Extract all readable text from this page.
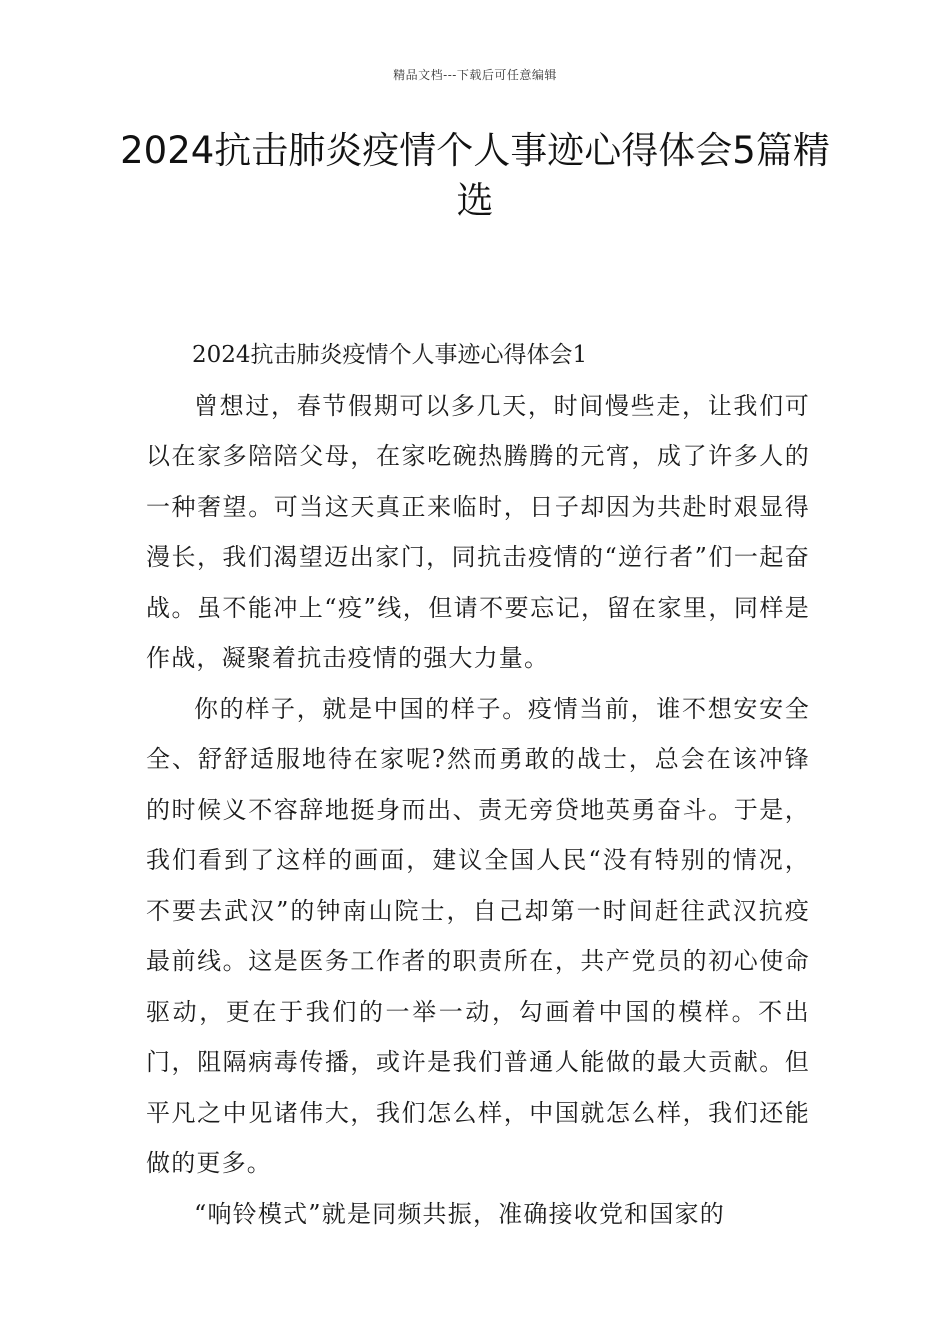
精品文档---下载后可任意编辑
2024抗击肺炎疫情个人事迹心得体会5篇精选

2024抗击肺炎疫情个人事迹心得体会1

曾想过，春节假期可以多几天，时间慢些走，让我们可以在家多陪陪父母，在家吃碗热腾腾的元宵，成了许多人的一种奢望。可当这天真正来临时，日子却因为共赴时艰显得漫长，我们渴望迈出家门，同抗击疫情的“逆行者”们一起奋战。虽不能冲上“疫”线，但请不要忘记，留在家里，同样是作战，凝聚着抗击疫情的强大力量。

你的样子，就是中国的样子。疫情当前，谁不想安安全全、舒舒适服地待在家呢?然而勇敢的战士，总会在该冲锋的时候义不容辞地挺身而出、责无旁贷地英勇奋斗。于是，我们看到了这样的画面，建议全国人民“没有特别的情况，不要去武汉”的钟南山院士，自己却第一时间赶往武汉抗疫最前线。这是医务工作者的职责所在，共产党员的初心使命驱动，更在于我们的一举一动，勾画着中国的模样。不出门，阻隔病毒传播，或许是我们普通人能做的最大贡献。但平凡之中见诸伟大，我们怎么样，中国就怎么样，我们还能做的更多。

“响铃模式”就是同频共振，准确接收党和国家的
